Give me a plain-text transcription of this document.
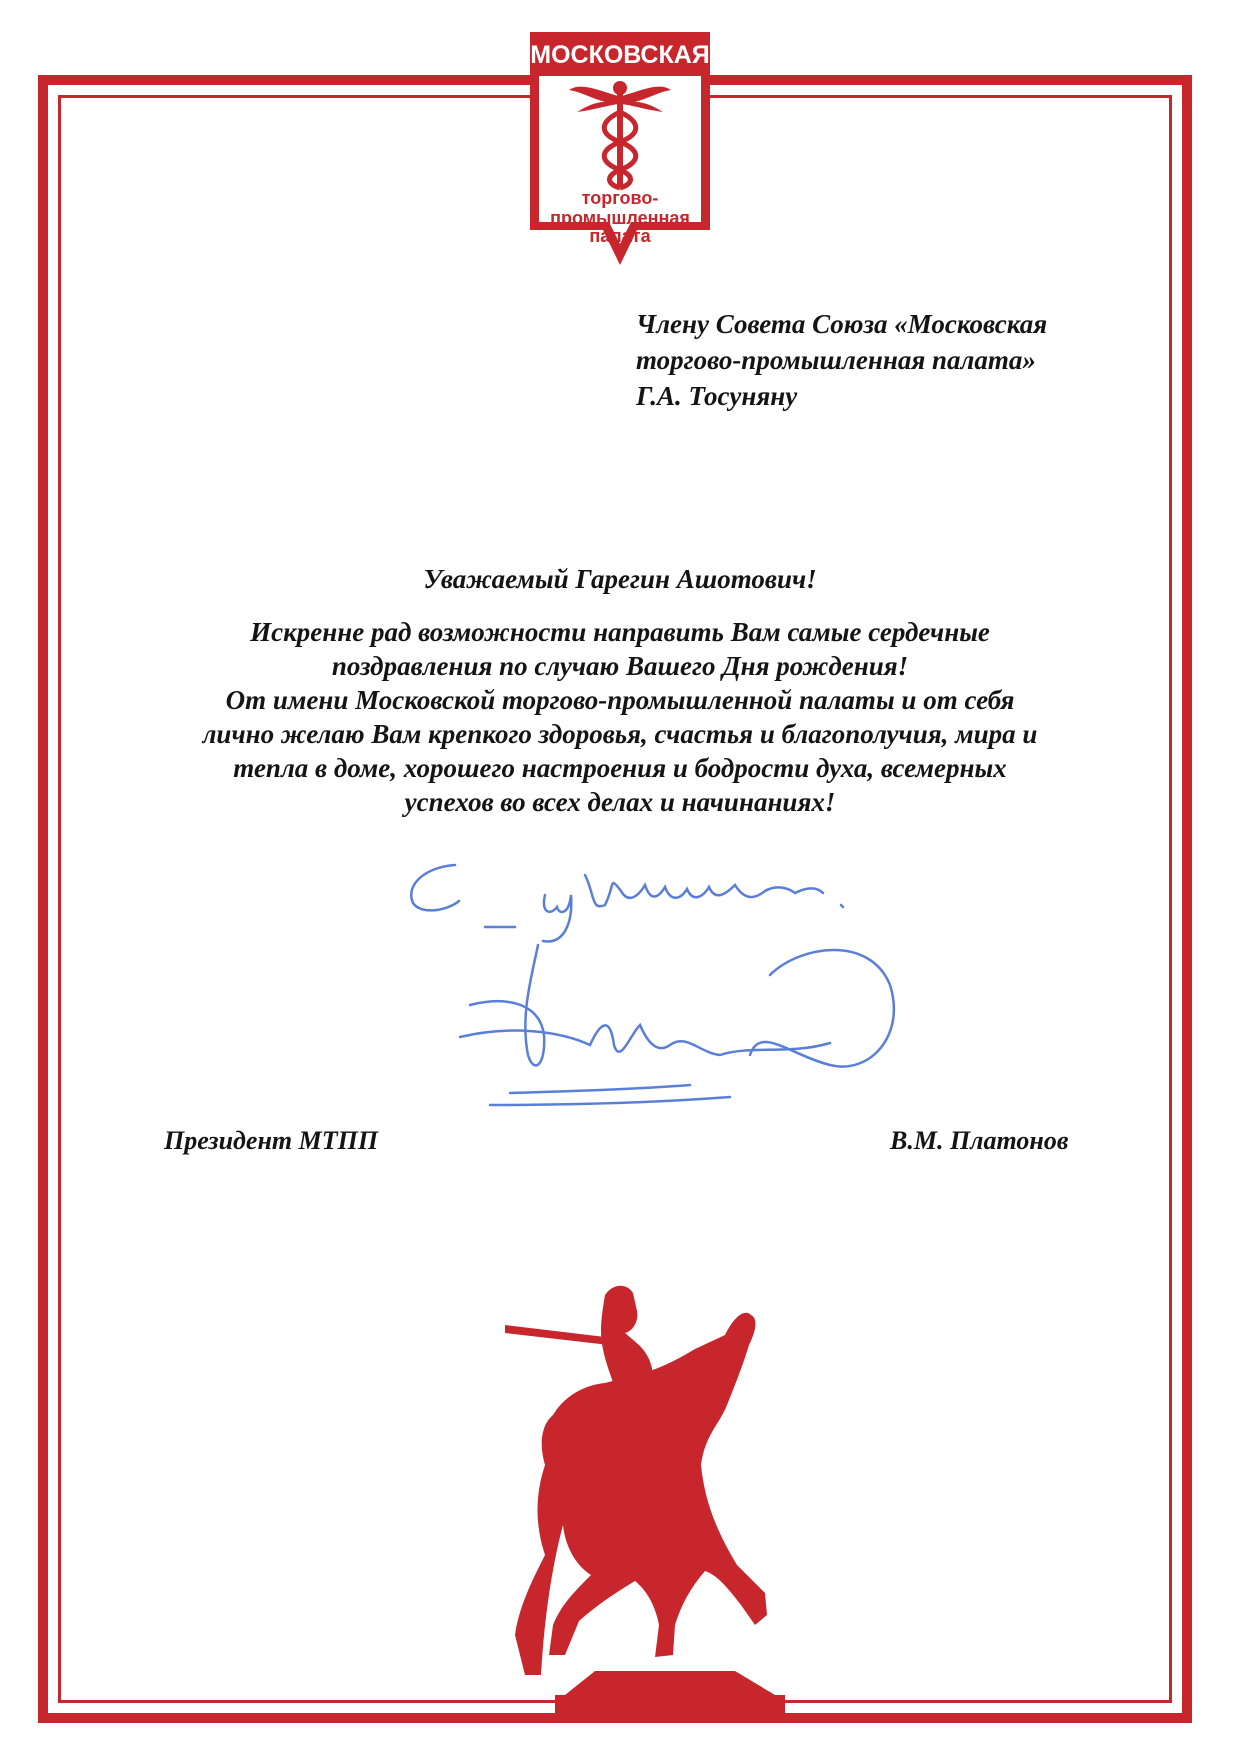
МОСКОВСКАЯ
торгово-
промышленная
палата
Члену Совета Союза «Московская
торгово-промышленная палата»
Г.А. Тосуняну
Уважаемый Гарегин Ашотович!
Искренне рад возможности направить Вам самые сердечные
поздравления по случаю Вашего Дня рождения!
От имени Московской торгово-промышленной палаты и от себя
лично желаю Вам крепкого здоровья, счастья и благополучия, мира и
тепла в доме, хорошего настроения и бодрости духа, всемерных
успехов во всех делах и начинаниях!
Президент МТПП	В.М. Платонов
